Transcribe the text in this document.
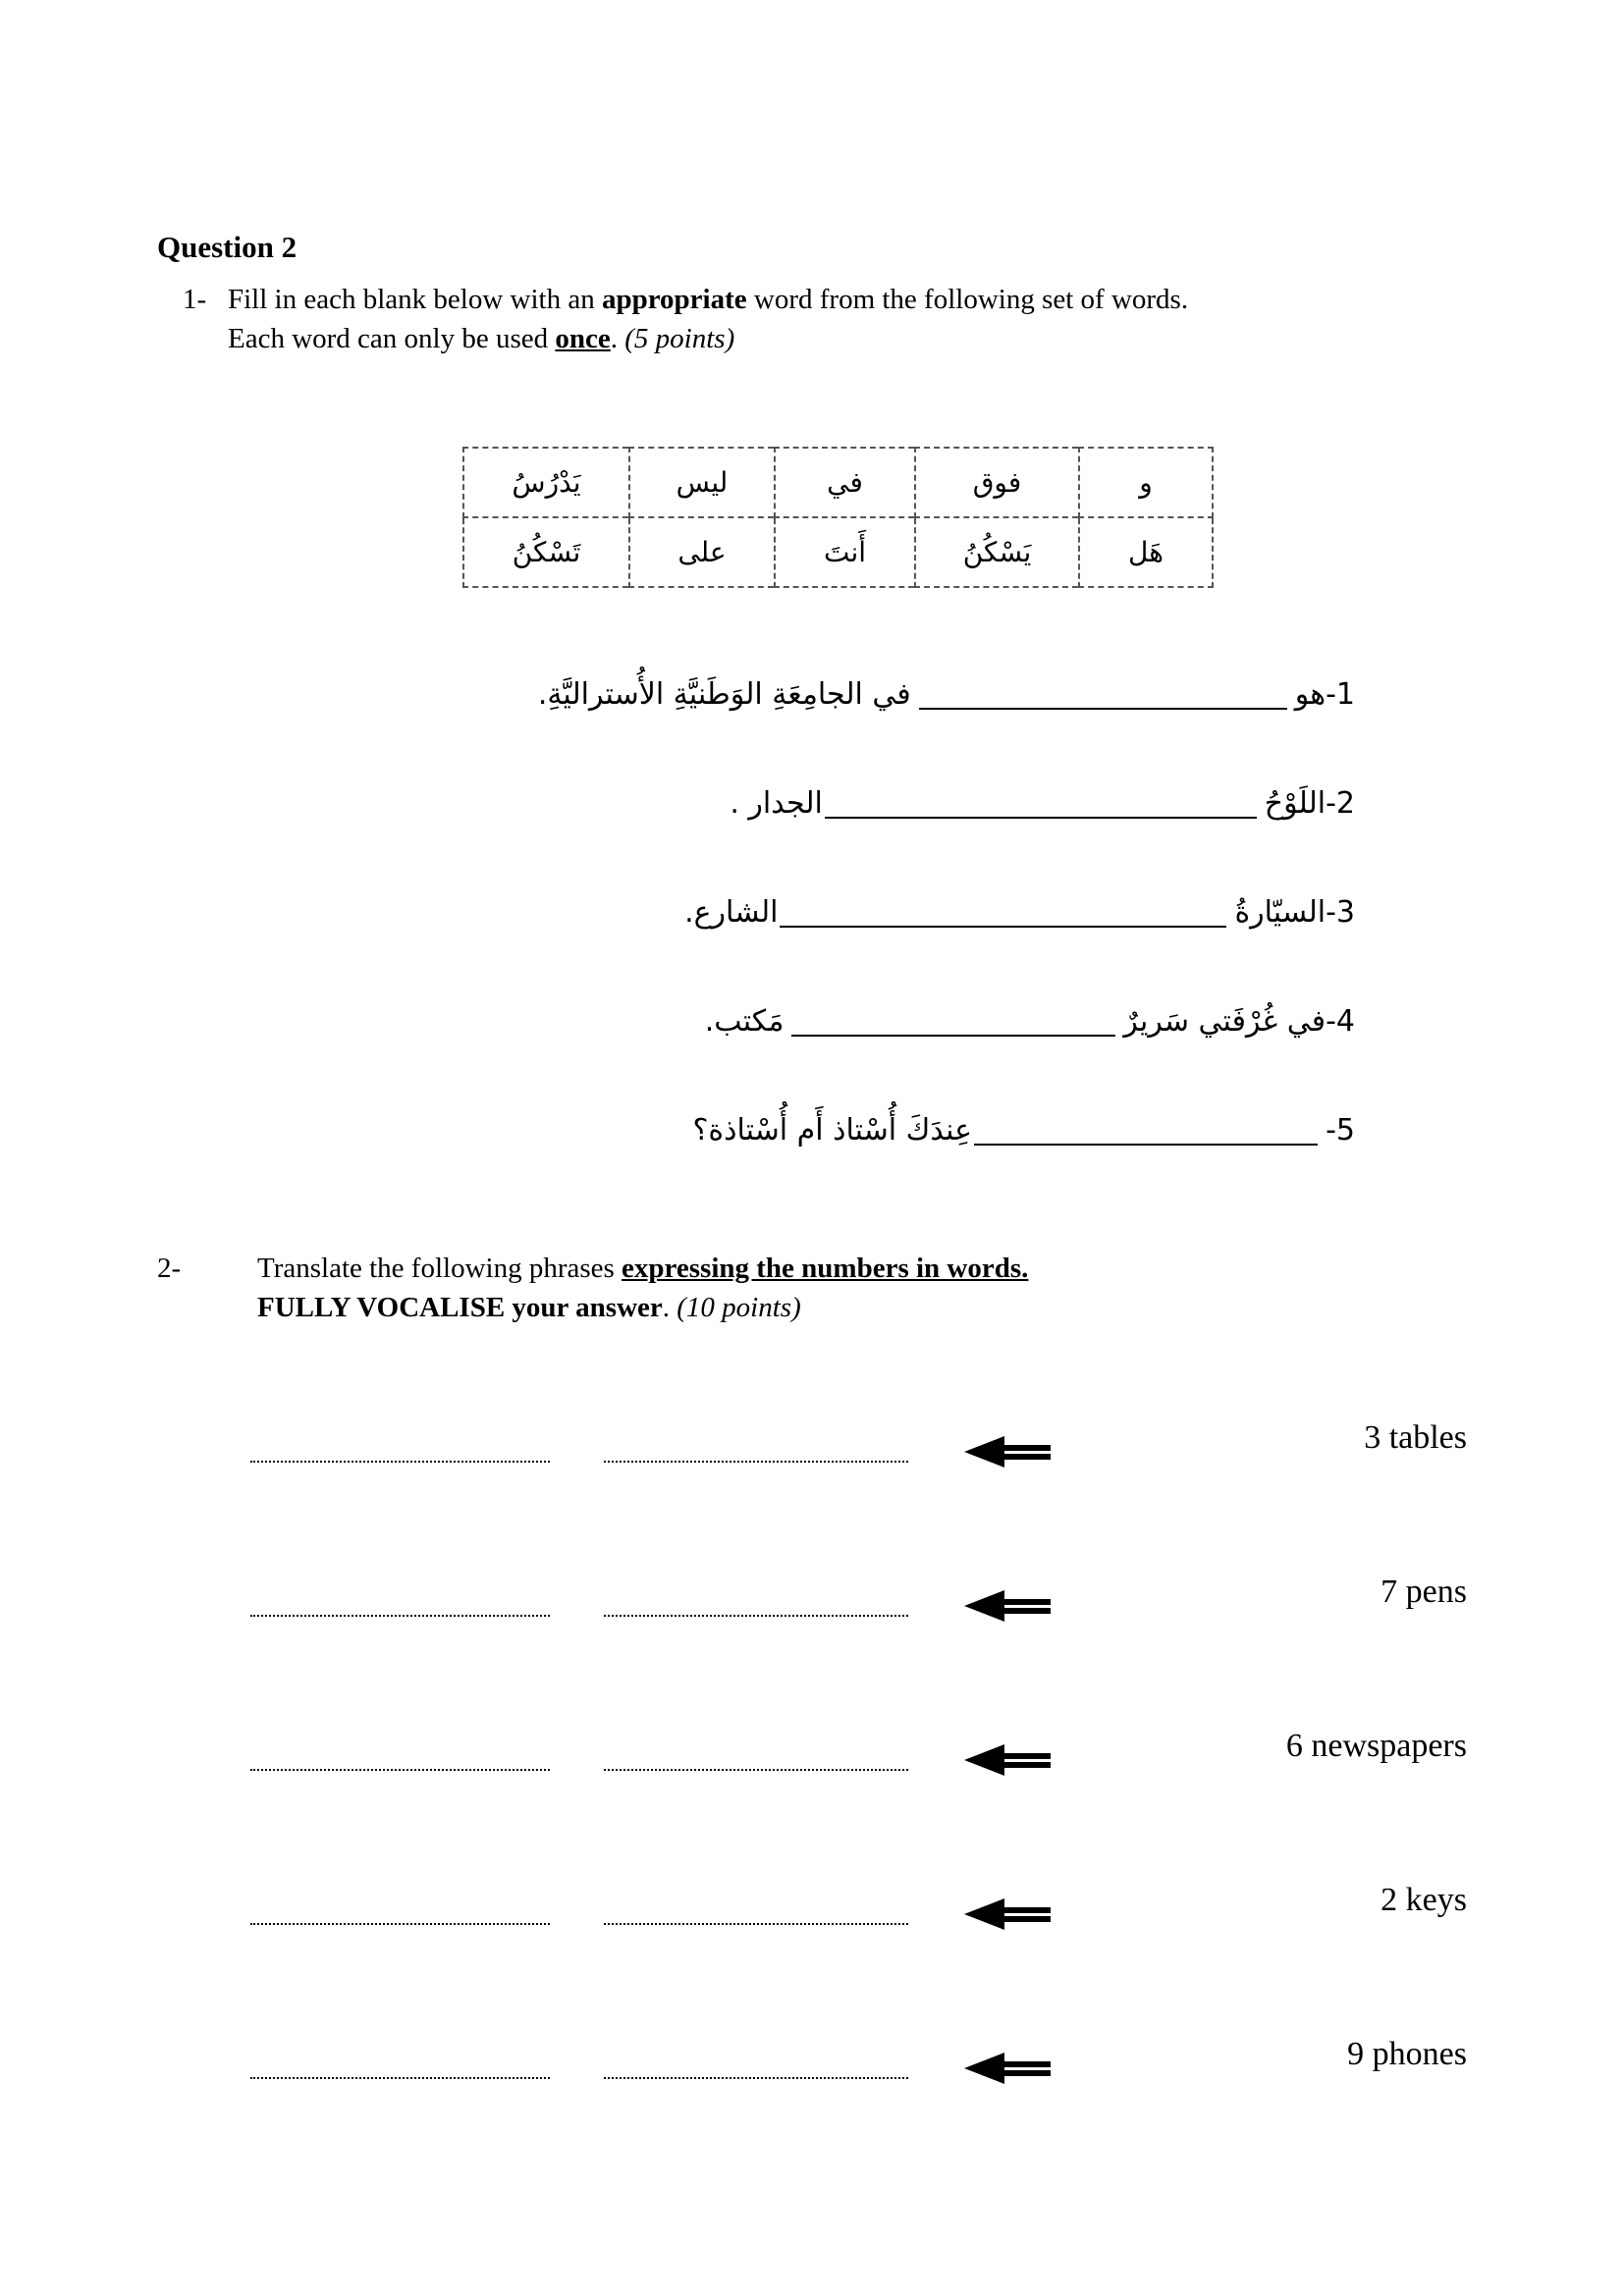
Question 2
1- Fill in each blank below with an appropriate word from the following set of words.
Each word can only be used once. (5 points)
و	فوق	في	ليس	يَدْرُسُ
هَل	يَسْكُنُ	أَنتَ	على	تَسْكُنُ
1-هوفي الجامِعَةِ الوَطَنيَّةِ الأُستراليَّةِ.
2-اللَوْحُالجدار .
3-السيّارةُالشارع.
4-في غُرْفَتي سَريرٌمَكتب.
5-عِندَكَ أُسْتاذ أَم أُسْتاذة؟
2-	Translate the following phrases expressing the numbers in words.
FULLY VOCALISE your answer. (10 points)
3 tables
7 pens
6 newspapers
2 keys
9 phones
